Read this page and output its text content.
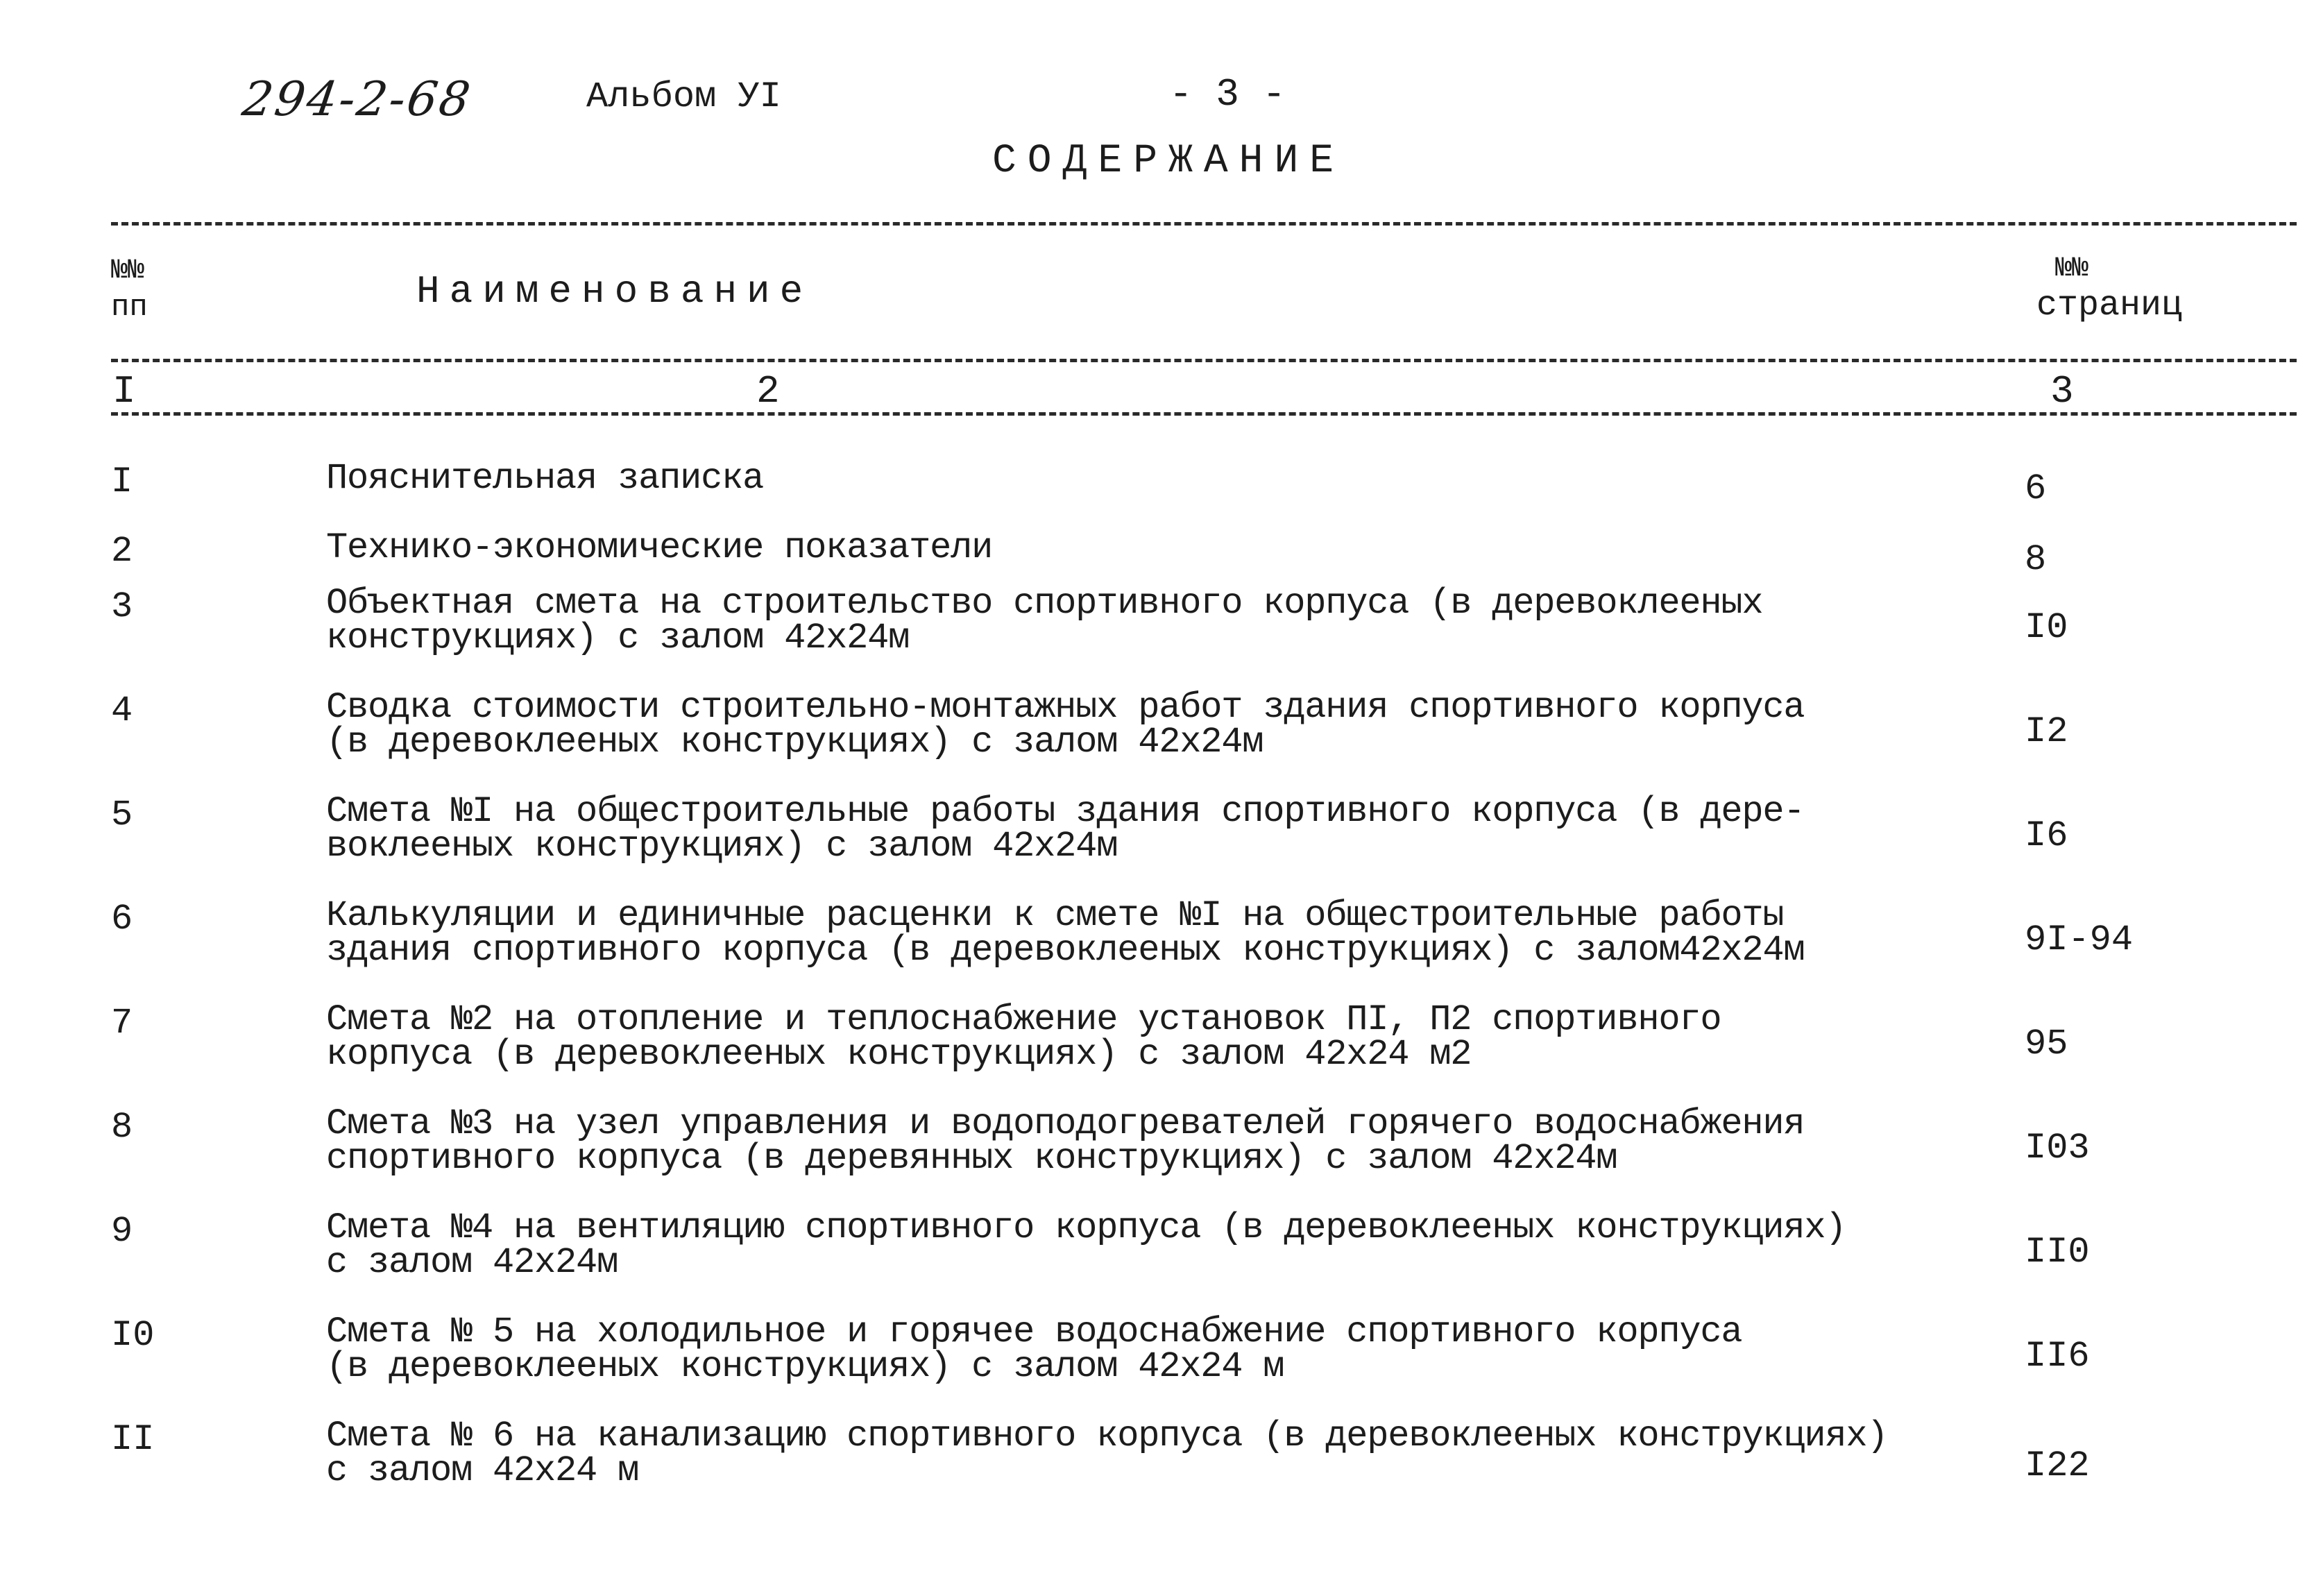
294-2-68	Альбом УI	- 3 -
СОДЕРЖАНИЕ
№№
пп	Наименование
№№
страниц
I	2	3
I	Пояснительная записка	6
2	Технико-экономические показатели	8
3	Объектная смета на строительство спортивного корпуса (в деревоклееных
конструкциях) с залом 42х24м	I0
4	Сводка стоимости строительно-монтажных работ здания спортивного корпуса
(в деревоклееных конструкциях) с залом 42х24м	I2
5	Смета №I на общестроительные работы здания спортивного корпуса (в дере-
воклееных конструкциях) с залом 42х24м	I6
6	Калькуляции и единичные расценки к смете №I на общестроительные работы
здания спортивного корпуса (в деревоклееных конструкциях) с залом42х24м	9I-94
7	Смета №2 на отопление и теплоснабжение установок ПI, П2 спортивного
корпуса (в деревоклееных конструкциях) с залом 42х24 м2	95
8	Смета №3 на узел управления и водоподогревателей горячего водоснабжения
спортивного корпуса (в деревянных конструкциях) с залом 42х24м	I03
9	Смета №4 на вентиляцию спортивного корпуса (в деревоклееных конструкциях)
с залом 42х24м	II0
I0	Смета № 5 на холодильное и горячее водоснабжение спортивного корпуса
(в деревоклееных конструкциях) с залом 42х24 м	II6
II	Смета № 6 на канализацию спортивного корпуса (в деревоклееных конструкциях)
с залом 42х24 м	I22
